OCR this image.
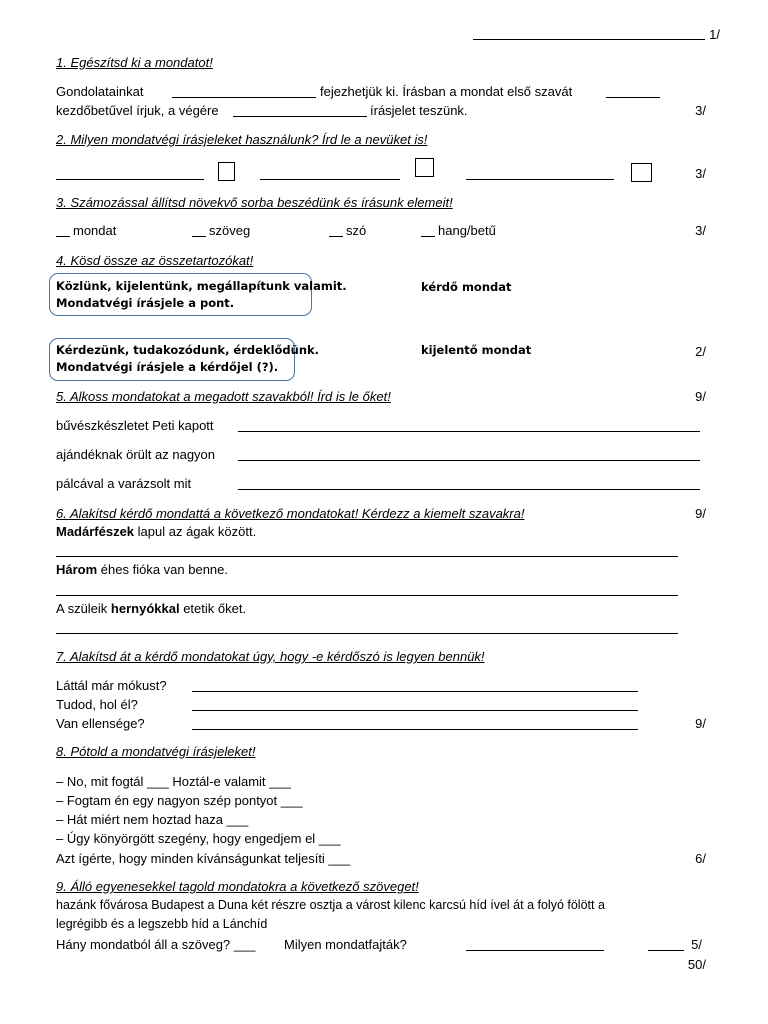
1/
1. Egészítsd ki a mondatot!
Gondolatainkat	fejezhetjük ki. Írásban a mondat első szavát
kezdőbetűvel írjuk, a végére	írásjelet teszünk.	3/
2. Milyen mondatvégi írásjeleket használunk? Írd le a nevüket is!
3/
3. Számozással állítsd növekvő sorba beszédünk és írásunk elemeit!
mondat	szöveg	szó	hang/betű	3/
4. Kösd össze az összetartozókat!
Közlünk, kijelentünk, megállapítunk valamit.
Mondatvégi írásjele a pont.
kérdő mondat
Kérdezünk, tudakozódunk, érdeklődünk.
Mondatvégi írásjele a kérdőjel (?).
kijelentő mondat	2/
5. Alkoss mondatokat a megadott szavakból! Írd is le őket!	9/
bűvészkészletet Peti kapott
ajándéknak örült az nagyon
pálcával a varázsolt mit
6. Alakítsd kérdő mondattá a következő mondatokat! Kérdezz a kiemelt szavakra!	9/
Madárfészek lapul az ágak között.
Három éhes fióka van benne.
A szüleik hernyókkal etetik őket.
7. Alakítsd át a kérdő mondatokat úgy, hogy -e kérdőszó is legyen bennük!
Láttál már mókust?
Tudod, hol él?
Van ellensége?	9/
8. Pótold a mondatvégi írásjeleket!
– No, mit fogtál ___ Hoztál-e valamit ___
– Fogtam én egy nagyon szép pontyot ___
– Hát miért nem hoztad haza ___
– Úgy könyörgött szegény, hogy engedjem el ___
Azt ígérte, hogy minden kívánságunkat teljesíti ___	6/
9. Álló egyenesekkel tagold mondatokra a következő szöveget!
hazánk fővárosa Budapest a Duna két részre osztja a várost kilenc karcsú híd ível át a folyó fölött a
legrégibb és a legszebb híd a Lánchíd
Hány mondatból áll a szöveg? ___ Milyen mondatfajták?	5/
50/
